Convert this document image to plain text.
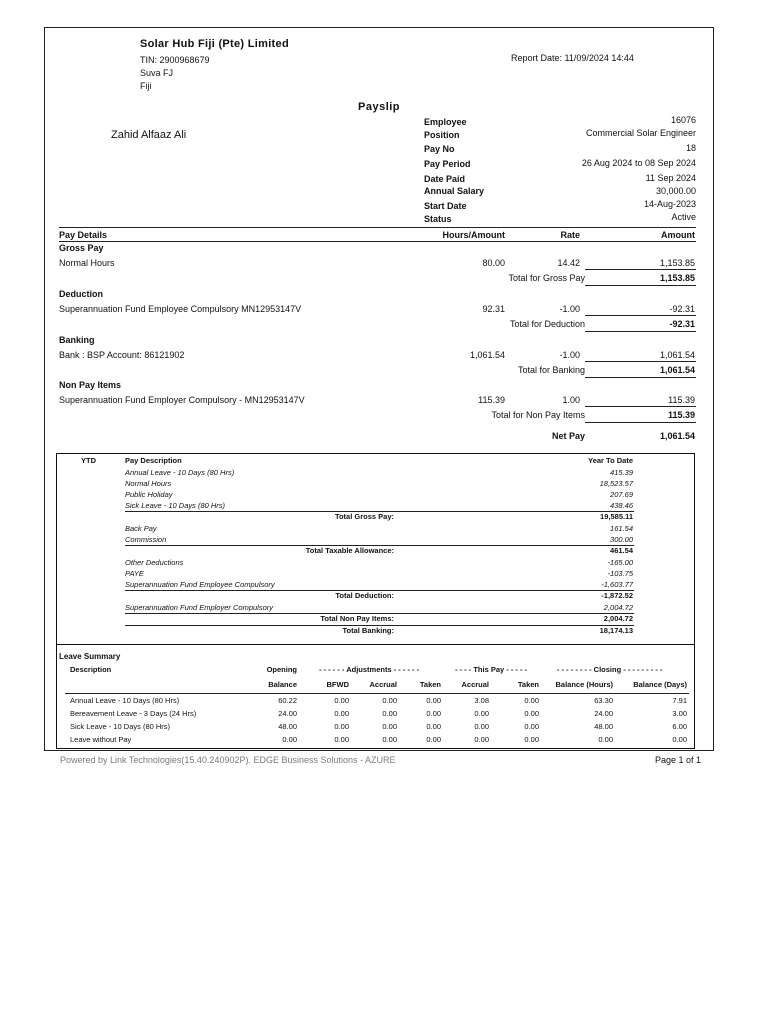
Solar Hub Fiji (Pte) Limited
TIN: 2900968679
Suva FJ
Fiji
Report Date: 11/09/2024 14:44
Payslip
Zahid Alfaaz Ali
Employee	16076
Position	Commercial Solar Engineer
Pay No	18
Pay Period	26 Aug 2024 to 08 Sep 2024
Date Paid	11 Sep 2024
Annual Salary	30,000.00
Start Date	14-Aug-2023
Status	Active
Pay Details	Hours/Amount	Rate	Amount
Gross Pay
Normal Hours	80.00	14.42	1,153.85
Total for Gross Pay	1,153.85
Deduction
Superannuation Fund Employee Compulsory MN12953147V	92.31	-1.00	-92.31
Total for Deduction	-92.31
Banking
Bank : BSP Account: 86121902	1,061.54	-1.00	1,061.54
Total for Banking	1,061.54
Non Pay Items
Superannuation Fund Employer Compulsory - MN12953147V	115.39	1.00	115.39
Total for Non Pay Items	115.39
Net Pay	1,061.54
YTD	Pay Description	Year To Date
Annual Leave - 10 Days (80 Hrs)	415.39
Normal Hours	18,523.57
Public Holiday	207.69
Sick Leave - 10 Days (80 Hrs)	438.46
Total Gross Pay:	19,585.11
Back Pay	161.54
Commission	300.00
Total Taxable Allowance:	461.54
Other Deductions	-165.00
PAYE	-103.75
Superannuation Fund Employee Compulsory	-1,603.77
Total Deduction:	-1,872.52
Superannuation Fund Employer Compulsory	2,004.72
Total Non Pay Items:	2,004.72
Total Banking:	18,174.13
Leave Summary
Description	Opening	- - - - - - Adjustments - - - - - -	- - - - This Pay - - - - -	- - - - - - - - Closing - - - - - - - - -
Balance	BFWD	Accrual	Taken	Accrual	Taken	Balance (Hours)	Balance (Days)
Annual Leave - 10 Days (80 Hrs)	60.22	0.00	0.00	0.00	3.08	0.00	63.30	7.91
Bereavement Leave - 3 Days (24 Hrs)	24.00	0.00	0.00	0.00	0.00	0.00	24.00	3.00
Sick Leave - 10 Days (80 Hrs)	48.00	0.00	0.00	0.00	0.00	0.00	48.00	6.00
Leave without Pay	0.00	0.00	0.00	0.00	0.00	0.00	0.00	0.00
Powered by Link Technologies(15.40.240902P). EDGE Business Solutions - AZURE	Page 1 of 1
